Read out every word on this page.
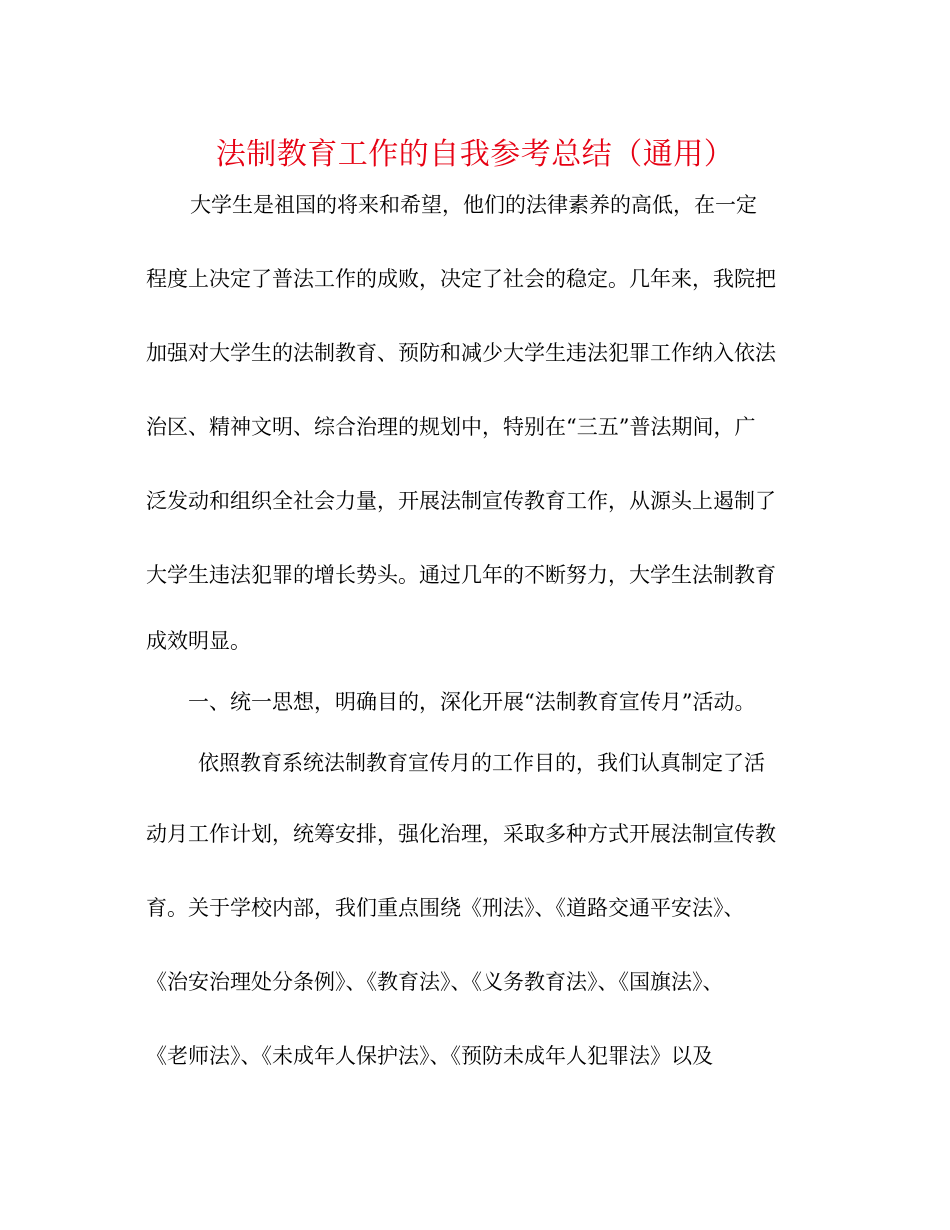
法制教育工作的自我参考总结（通用）
大学生是祖国的将来和希望，他们的法律素养的高低，在一定
程度上决定了普法工作的成败，决定了社会的稳定。几年来，我院把
加强对大学生的法制教育、预防和减少大学生违法犯罪工作纳入依法
治区、精神文明、综合治理的规划中，特别在“三五”普法期间，广
泛发动和组织全社会力量，开展法制宣传教育工作，从源头上遏制了
大学生违法犯罪的增长势头。通过几年的不断努力，大学生法制教育
成效明显。
一、统一思想，明确目的，深化开展“法制教育宣传月”活动。
依照教育系统法制教育宣传月的工作目的，我们认真制定了活
动月工作计划，统筹安排，强化治理，采取多种方式开展法制宣传教
育。关于学校内部，我们重点围绕《刑法》、《道路交通平安法》、
《治安治理处分条例》、《教育法》、《义务教育法》、《国旗法》、
《老师法》、《未成年人保护法》、《预防未成年人犯罪法》以及
